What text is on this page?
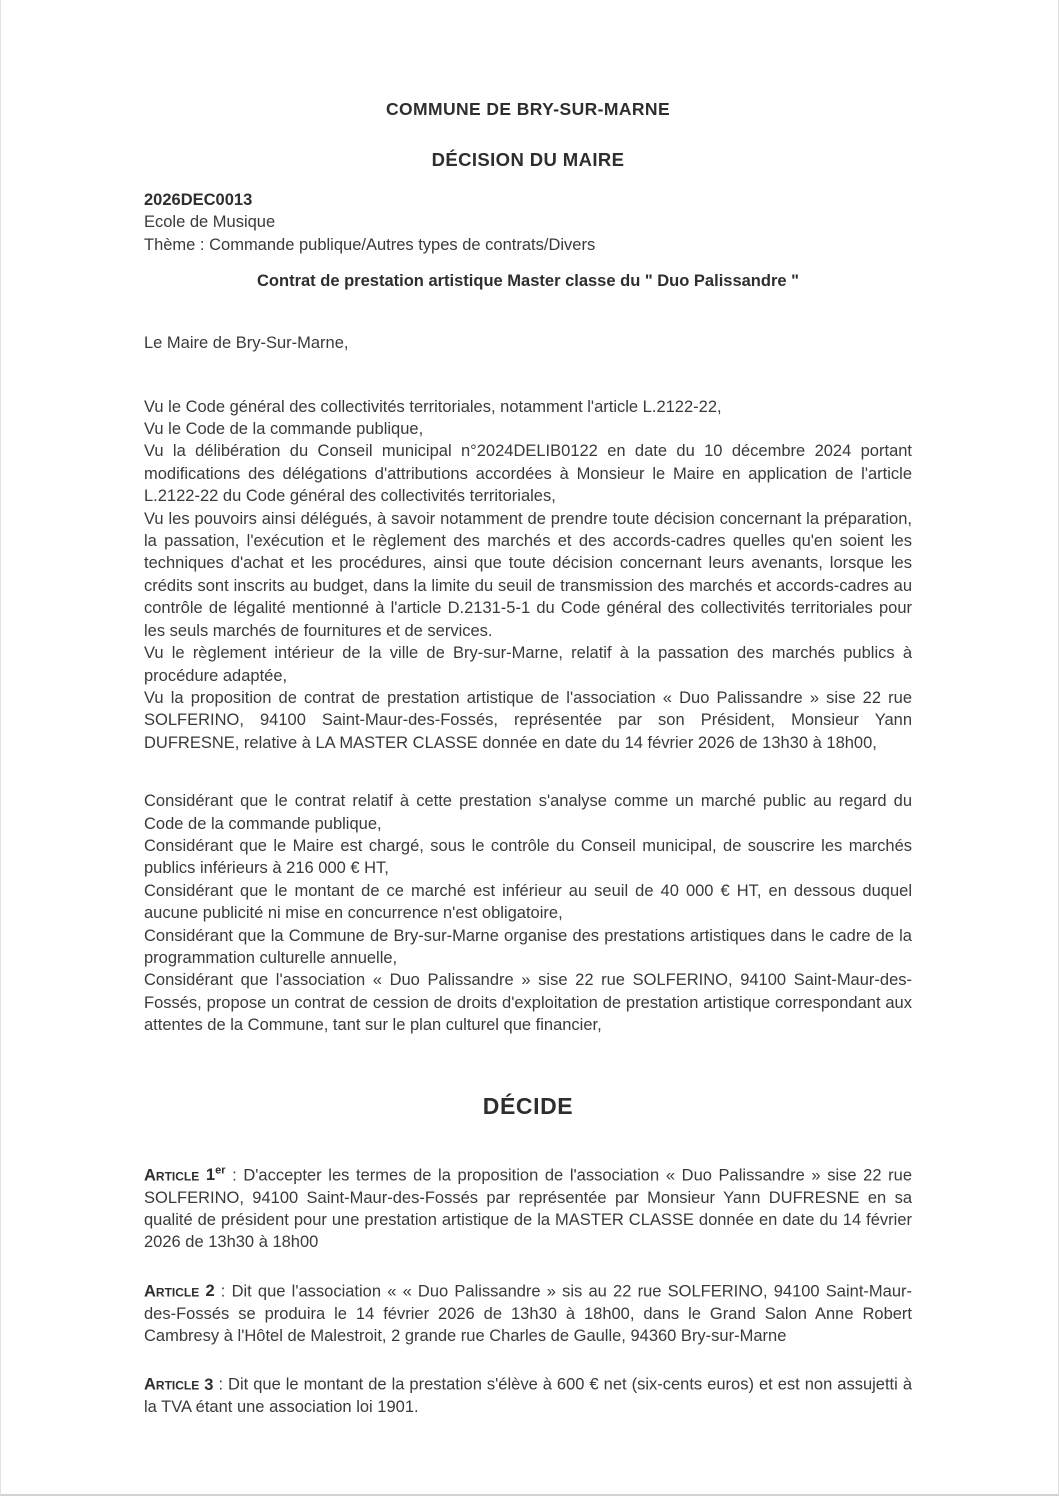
COMMUNE DE BRY-SUR-MARNE
DÉCISION DU MAIRE
2026DEC0013
Ecole de Musique
Thème : Commande publique/Autres types de contrats/Divers
Contrat de prestation artistique Master classe du " Duo Palissandre "
Le Maire de Bry-Sur-Marne,

Vu le Code général des collectivités territoriales, notamment l'article L.2122-22,

Vu le Code de la commande publique,

Vu la délibération du Conseil municipal n°2024DELIB0122 en date du 10 décembre 2024 portant modifications des délégations d'attributions accordées à Monsieur le Maire en application de l'article L.2122-22 du Code général des collectivités territoriales,

Vu les pouvoirs ainsi délégués, à savoir notamment de prendre toute décision concernant la préparation, la passation, l'exécution et le règlement des marchés et des accords-cadres quelles qu'en soient les techniques d'achat et les procédures, ainsi que toute décision concernant leurs avenants, lorsque les crédits sont inscrits au budget, dans la limite du seuil de transmission des marchés et accords-cadres au contrôle de légalité mentionné à l'article D.2131-5-1 du Code général des collectivités territoriales pour les seuls marchés de fournitures et de services.

Vu le règlement intérieur de la ville de Bry-sur-Marne, relatif à la passation des marchés publics à procédure adaptée,

Vu la proposition de contrat de prestation artistique de l'association « Duo Palissandre » sise 22 rue SOLFERINO, 94100 Saint-Maur-des-Fossés, représentée par son Président, Monsieur Yann DUFRESNE, relative à LA MASTER CLASSE donnée en date du 14 février 2026 de 13h30 à 18h00,

Considérant que le contrat relatif à cette prestation s'analyse comme un marché public au regard du Code de la commande publique,

Considérant que le Maire est chargé, sous le contrôle du Conseil municipal, de souscrire les marchés publics inférieurs à 216 000 € HT,

Considérant que le montant de ce marché est inférieur au seuil de 40 000 € HT, en dessous duquel aucune publicité ni mise en concurrence n'est obligatoire,

Considérant que la Commune de Bry-sur-Marne organise des prestations artistiques dans le cadre de la programmation culturelle annuelle,

Considérant que l'association « Duo Palissandre » sise 22 rue SOLFERINO, 94100 Saint-Maur-des-Fossés, propose un contrat de cession de droits d'exploitation de prestation artistique correspondant aux attentes de la Commune, tant sur le plan culturel que financier,

DÉCIDE

Article 1er : D'accepter les termes de la proposition de l'association « Duo Palissandre » sise 22 rue SOLFERINO, 94100 Saint-Maur-des-Fossés par représentée par Monsieur Yann DUFRESNE en sa qualité de président pour une prestation artistique de la MASTER CLASSE donnée en date du 14 février 2026 de 13h30 à 18h00

Article 2 : Dit que l'association « « Duo Palissandre » sis au 22 rue SOLFERINO, 94100 Saint-Maur-des-Fossés se produira le 14 février 2026 de 13h30 à 18h00, dans le Grand Salon Anne Robert Cambresy à l'Hôtel de Malestroit, 2 grande rue Charles de Gaulle, 94360 Bry-sur-Marne

Article 3 : Dit que le montant de la prestation s'élève à 600 € net (six-cents euros) et est non assujetti à la TVA étant une association loi 1901.
